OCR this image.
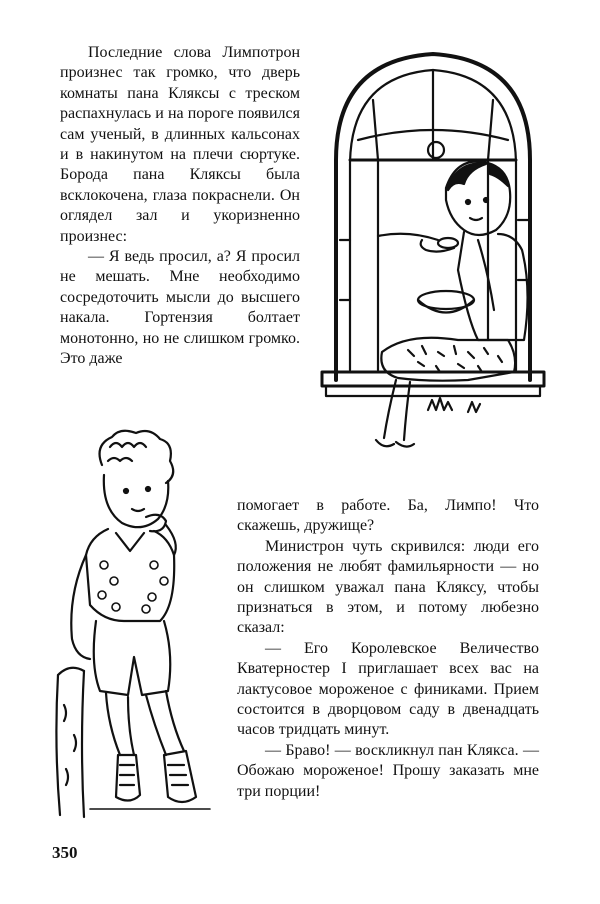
Последние слова Лимпотрон произнес так громко, что дверь комнаты пана Кляксы с треском распахнулась и на пороге появился сам ученый, в длинных кальсонах и в накинутом на плечи сюртуке. Борода пана Кляксы была всклокочена, глаза покраснели. Он оглядел зал и укоризненно произнес:

— Я ведь просил, а? Я просил не мешать. Мне необходимо сосредоточить мысли до высшего накала. Гортензия болтает монотонно, но не слишком громко. Это даже

помогает в работе. Ба, Лимпо! Что скажешь, дружище?

Министрон чуть скривился: люди его положения не любят фамильярности — но он слишком уважал пана Кляксу, чтобы признаться в этом, и потому любезно сказал:

— Его Королевское Величество Кватерностер I приглашает всех вас на лактусовое мороженое с финиками. Прием состоится в дворцовом саду в двенадцать часов тридцать минут.

— Браво! — воскликнул пан Клякса. — Обожаю мороженое! Прошу заказать мне три порции!

350
